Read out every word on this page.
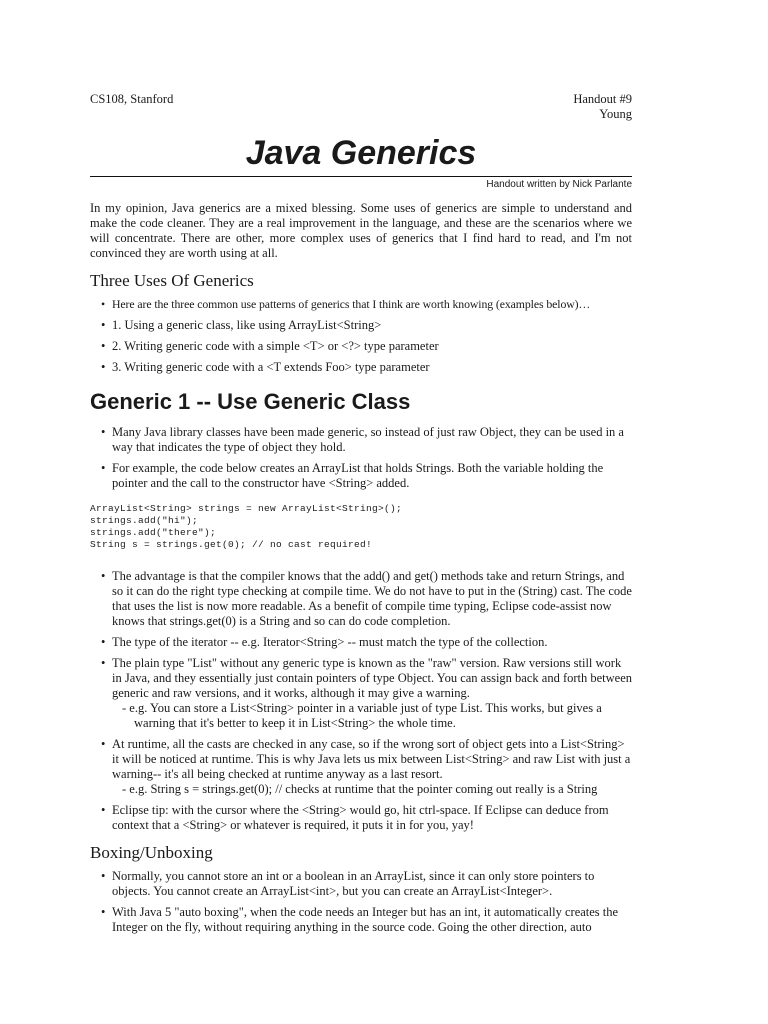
CS108, Stanford	Handout #9
Young
Java Generics
Handout written by Nick Parlante

In my opinion, Java generics are a mixed blessing. Some uses of generics are simple to understand and make the code cleaner. They are a real improvement in the language, and these are the scenarios where we will concentrate. There are other, more complex uses of generics that I find hard to read, and I'm not convinced they are worth using at all.

Three Uses Of Generics
• Here are the three common use patterns of generics that I think are worth knowing (examples below)…
• 1. Using a generic class, like using ArrayList<String>
• 2. Writing generic code with a simple <T> or <?> type parameter
• 3. Writing generic code with a <T extends Foo> type parameter
Generic 1 -- Use Generic Class
• Many Java library classes have been made generic, so instead of just raw Object, they can be used in a way that indicates the type of object they hold.
• For example, the code below creates an ArrayList that holds Strings. Both the variable holding the pointer and the call to the constructor have <String> added.
ArrayList<String> strings = new ArrayList<String>();
strings.add("hi");
strings.add("there");
String s = strings.get(0); // no cast required!
• The advantage is that the compiler knows that the add() and get() methods take and return Strings, and so it can do the right type checking at compile time. We do not have to put in the (String) cast. The code that uses the list is now more readable. As a benefit of compile time typing, Eclipse code-assist now knows that strings.get(0) is a String and so can do code completion.
• The type of the iterator -- e.g. Iterator<String> -- must match the type of the collection.
• The plain type "List" without any generic type is known as the "raw" version. Raw versions still work in Java, and they essentially just contain pointers of type Object. You can assign back and forth between generic and raw versions, and it works, although it may give a warning.
- e.g. You can store a List<String> pointer in a variable just of type List. This works, but gives a warning that it's better to keep it in List<String> the whole time.
• At runtime, all the casts are checked in any case, so if the wrong sort of object gets into a List<String> it will be noticed at runtime. This is why Java lets us mix between List<String> and raw List with just a warning-- it's all being checked at runtime anyway as a last resort.
- e.g. String s = strings.get(0); // checks at runtime that the pointer coming out really is a String
• Eclipse tip: with the cursor where the <String> would go, hit ctrl-space. If Eclipse can deduce from context that a <String> or whatever is required, it puts it in for you, yay!
Boxing/Unboxing
• Normally, you cannot store an int or a boolean in an ArrayList, since it can only store pointers to objects. You cannot create an ArrayList<int>, but you can create an ArrayList<Integer>.
• With Java 5 "auto boxing", when the code needs an Integer but has an int, it automatically creates the Integer on the fly, without requiring anything in the source code. Going the other direction, auto
